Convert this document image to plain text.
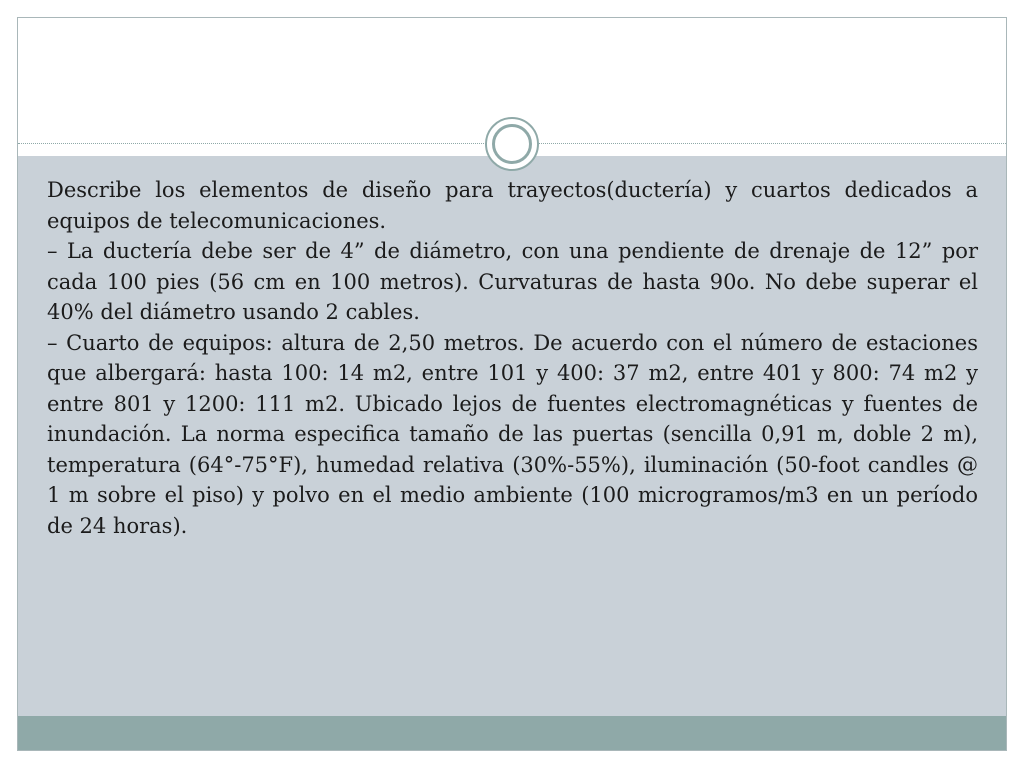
Describe los elementos de diseño para trayectos(ductería) y cuartos dedicados a equipos de telecomunicaciones.

– La ductería debe ser de 4” de diámetro, con una pendiente de drenaje de 12” por cada 100 pies (56 cm en 100 metros). Curvaturas de hasta 90o. No debe superar el 40% del diámetro usando 2 cables.

– Cuarto de equipos: altura de 2,50 metros. De acuerdo con el número de estaciones que albergará: hasta 100: 14 m2, entre 101 y 400: 37 m2, entre 401 y 800: 74 m2 y entre 801 y 1200: 111 m2. Ubicado lejos de fuentes electromagnéticas y fuentes de inundación. La norma especifica tamaño de las puertas (sencilla 0,91 m, doble 2 m), temperatura (64°-75°F), humedad relativa (30%-55%), iluminación (50-foot candles @ 1 m sobre el piso) y polvo en el medio ambiente (100 microgramos/m3 en un período de 24 horas).
